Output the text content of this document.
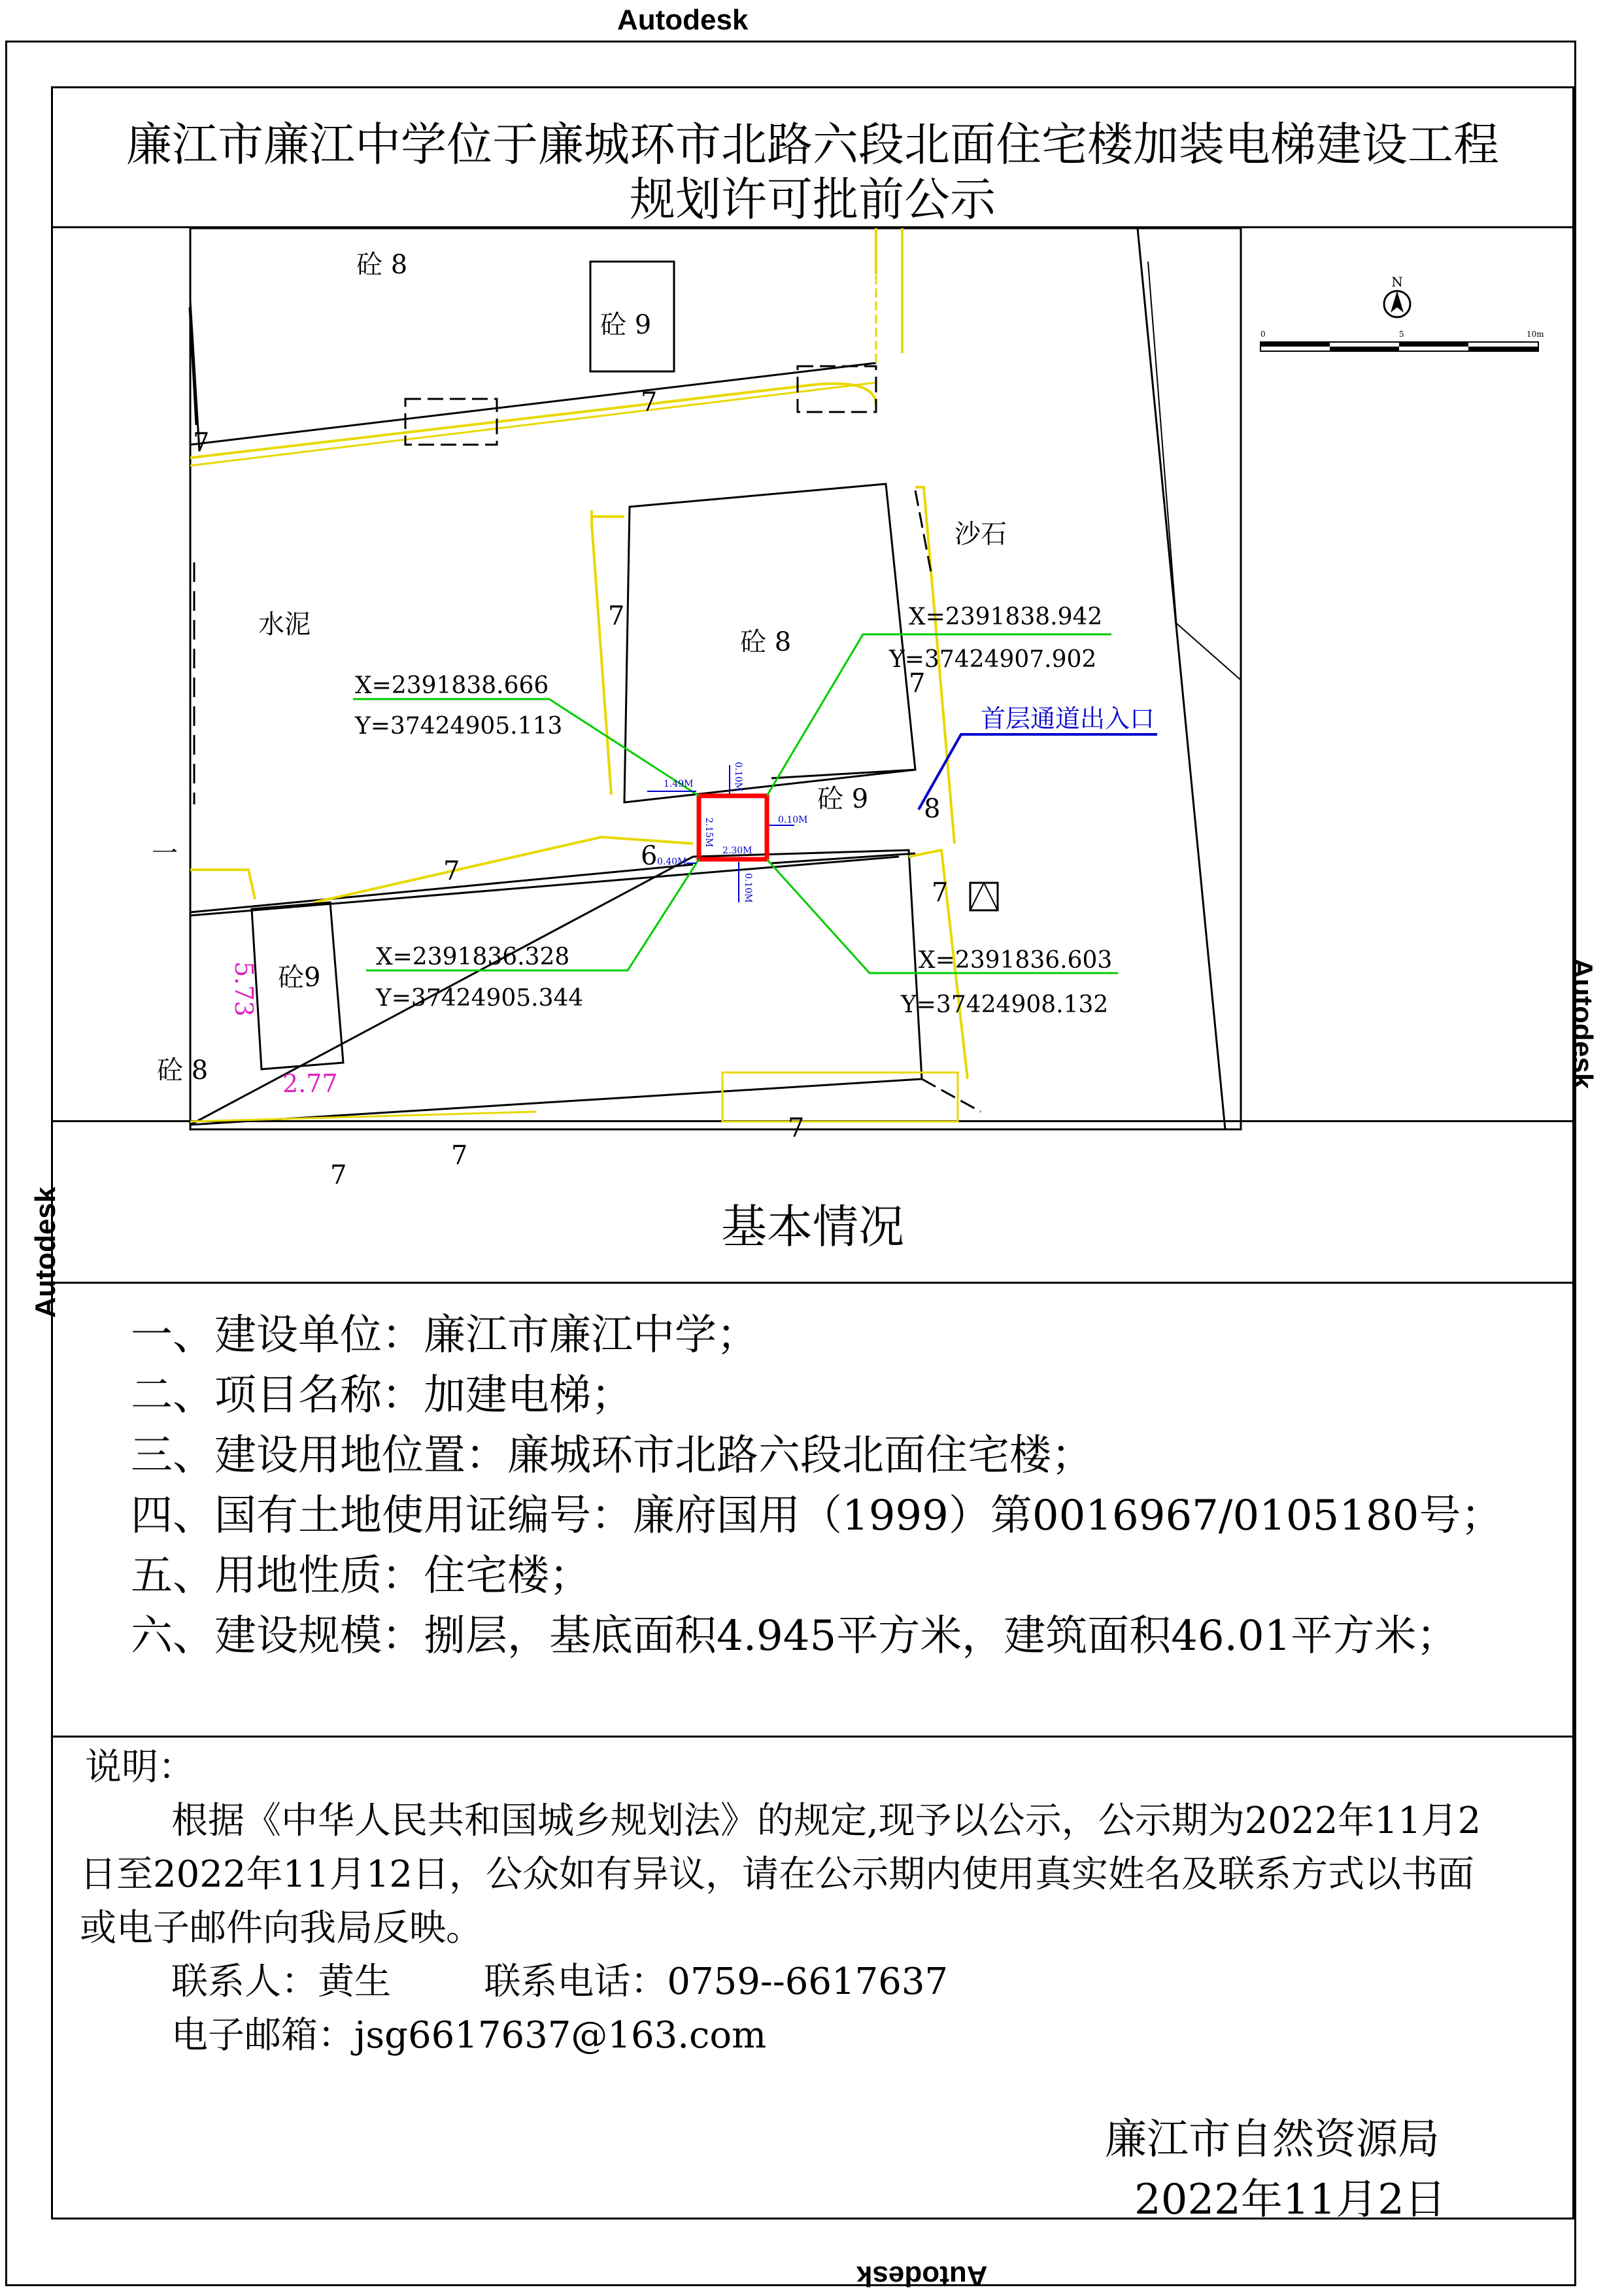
Autodesk
Autodesk
Autodesk
Autodesk
廉江市廉江中学位于廉城环市北路六段北面住宅楼加装电梯建设工程
规划许可批前公示
N
0	5	10m
砼 8
砼 9
7
7
沙石
水泥	7
砼 8
7
砼 9 8
一	6
7
7
砼9
砼 8
7
7
7
2.77
5.73
X=2391838.666
Y=37424905.113
X=2391838.942
Y=37424907.902
X=2391836.328
Y=37424905.344
X=2391836.603
Y=37424908.132
首层通道出入口
1.49M	0.10M
0.10M
2.15M
2.30M
0.40M
0.10M
基本情况
一、建设单位：廉江市廉江中学；
二、项目名称：加建电梯；
三、建设用地位置：廉城环市北路六段北面住宅楼；
四、国有土地使用证编号：廉府国用（1999）第0016967/0105180号；
五、用地性质：住宅楼；
六、建设规模：捌层，基底面积4.945平方米，建筑面积46.01平方米；
说明：
根据《中华人民共和国城乡规划法》的规定,现予以公示，公示期为2022年11月2
日至2022年11月12日，公众如有异议，请在公示期内使用真实姓名及联系方式以书面
或电子邮件向我局反映。
联系人：黄生        联系电话：0759--6617637
电子邮箱：jsg6617637@163.com
廉江市自然资源局
2022年11月2日
